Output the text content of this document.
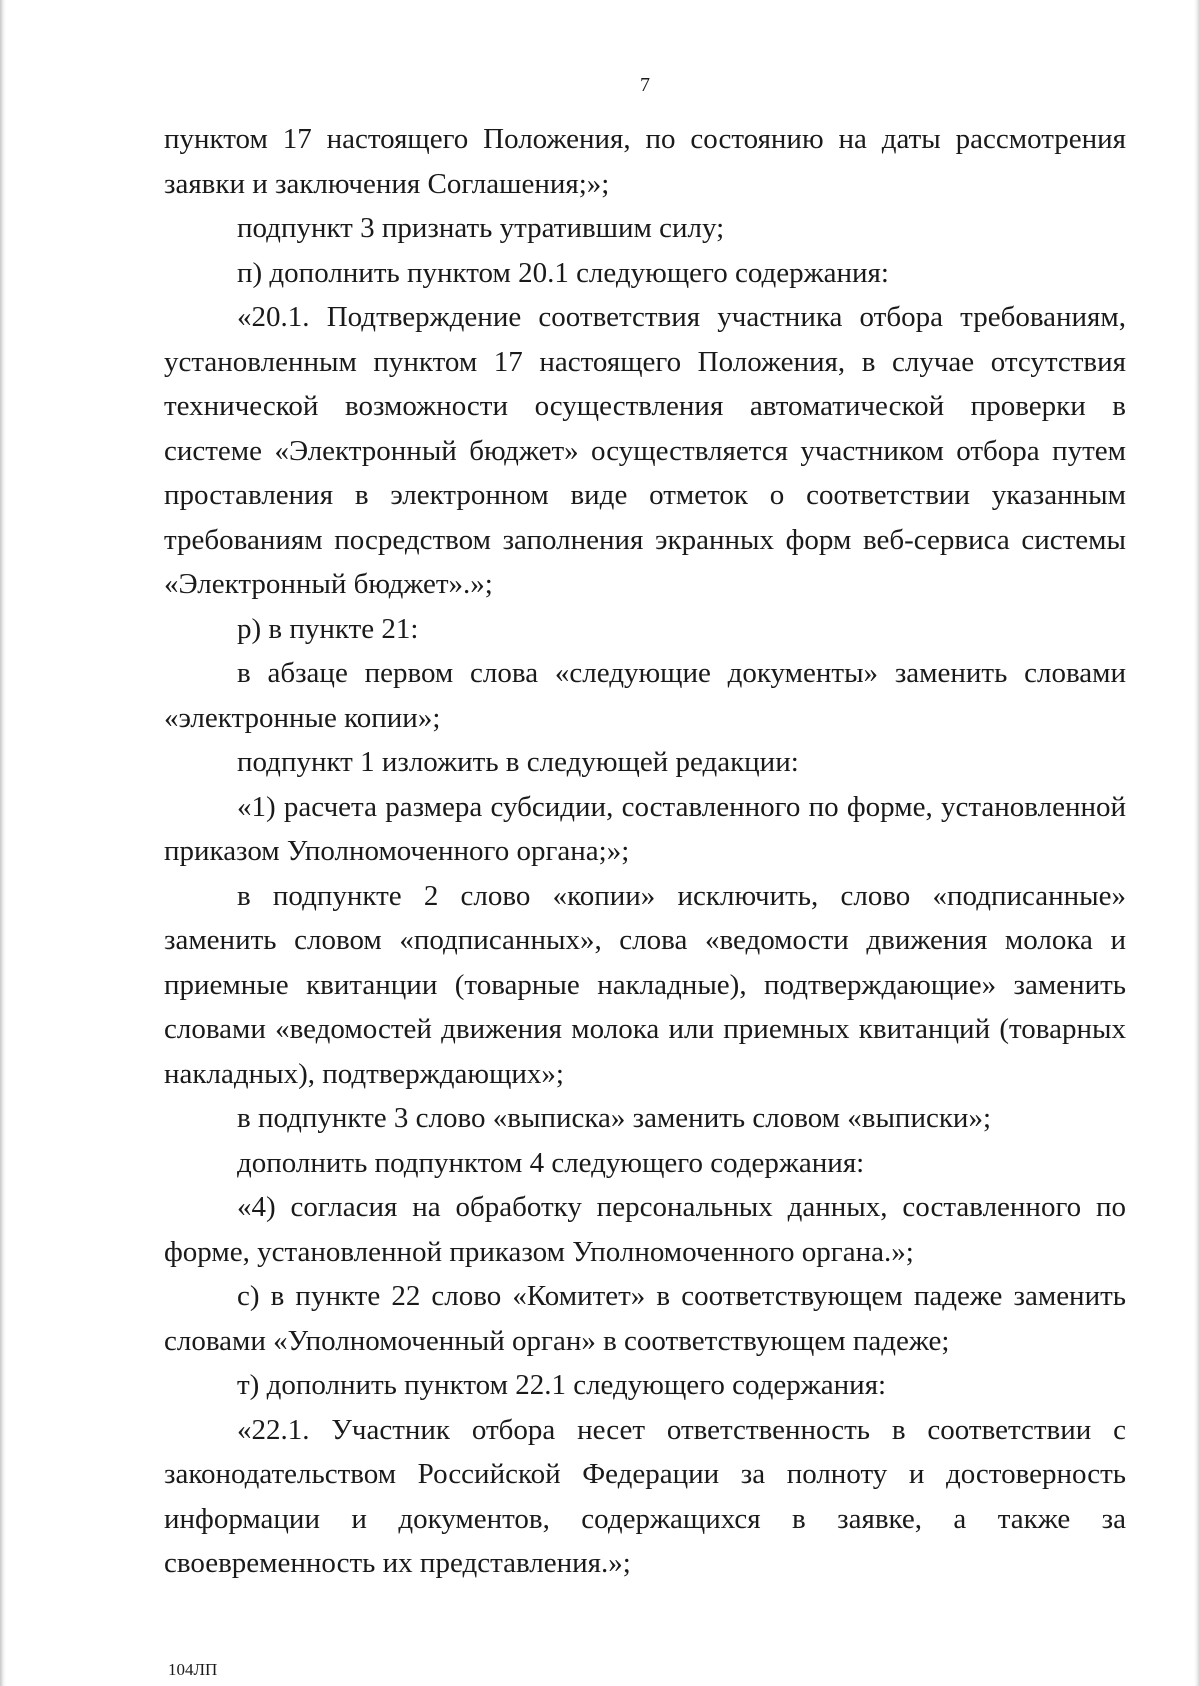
7

пунктом 17 настоящего Положения, по состоянию на даты рассмотрения заявки и заключения Соглашения;»;

подпункт 3 признать утратившим силу;

п) дополнить пунктом 20.1 следующего содержания:

«20.1. Подтверждение соответствия участника отбора требованиям, установленным пунктом 17 настоящего Положения, в случае отсутствия технической возможности осуществления автоматической проверки в системе «Электронный бюджет» осуществляется участником отбора путем проставления в электронном виде отметок о соответствии указанным требованиям посредством заполнения экранных форм веб-сервиса системы «Электронный бюджет».»;

р) в пункте 21:

в абзаце первом слова «следующие документы» заменить словами «электронные копии»;

подпункт 1 изложить в следующей редакции:

«1) расчета размера субсидии, составленного по форме, установленной приказом Уполномоченного органа;»;

в подпункте 2 слово «копии» исключить, слово «подписанные» заменить словом «подписанных», слова «ведомости движения молока и приемные квитанции (товарные накладные), подтверждающие» заменить словами «ведомостей движения молока или приемных квитанций (товарных накладных), подтверждающих»;

в подпункте 3 слово «выписка» заменить словом «выписки»;

дополнить подпунктом 4 следующего содержания:

«4) согласия на обработку персональных данных, составленного по форме, установленной приказом Уполномоченного органа.»;

с) в пункте 22 слово «Комитет» в соответствующем падеже заменить словами «Уполномоченный орган» в соответствующем падеже;

т) дополнить пунктом 22.1 следующего содержания:

«22.1. Участник отбора несет ответственность в соответствии с законодательством Российской Федерации за полноту и достоверность информации и документов, содержащихся в заявке, а также за своевременность их представления.»;

104ЛП
